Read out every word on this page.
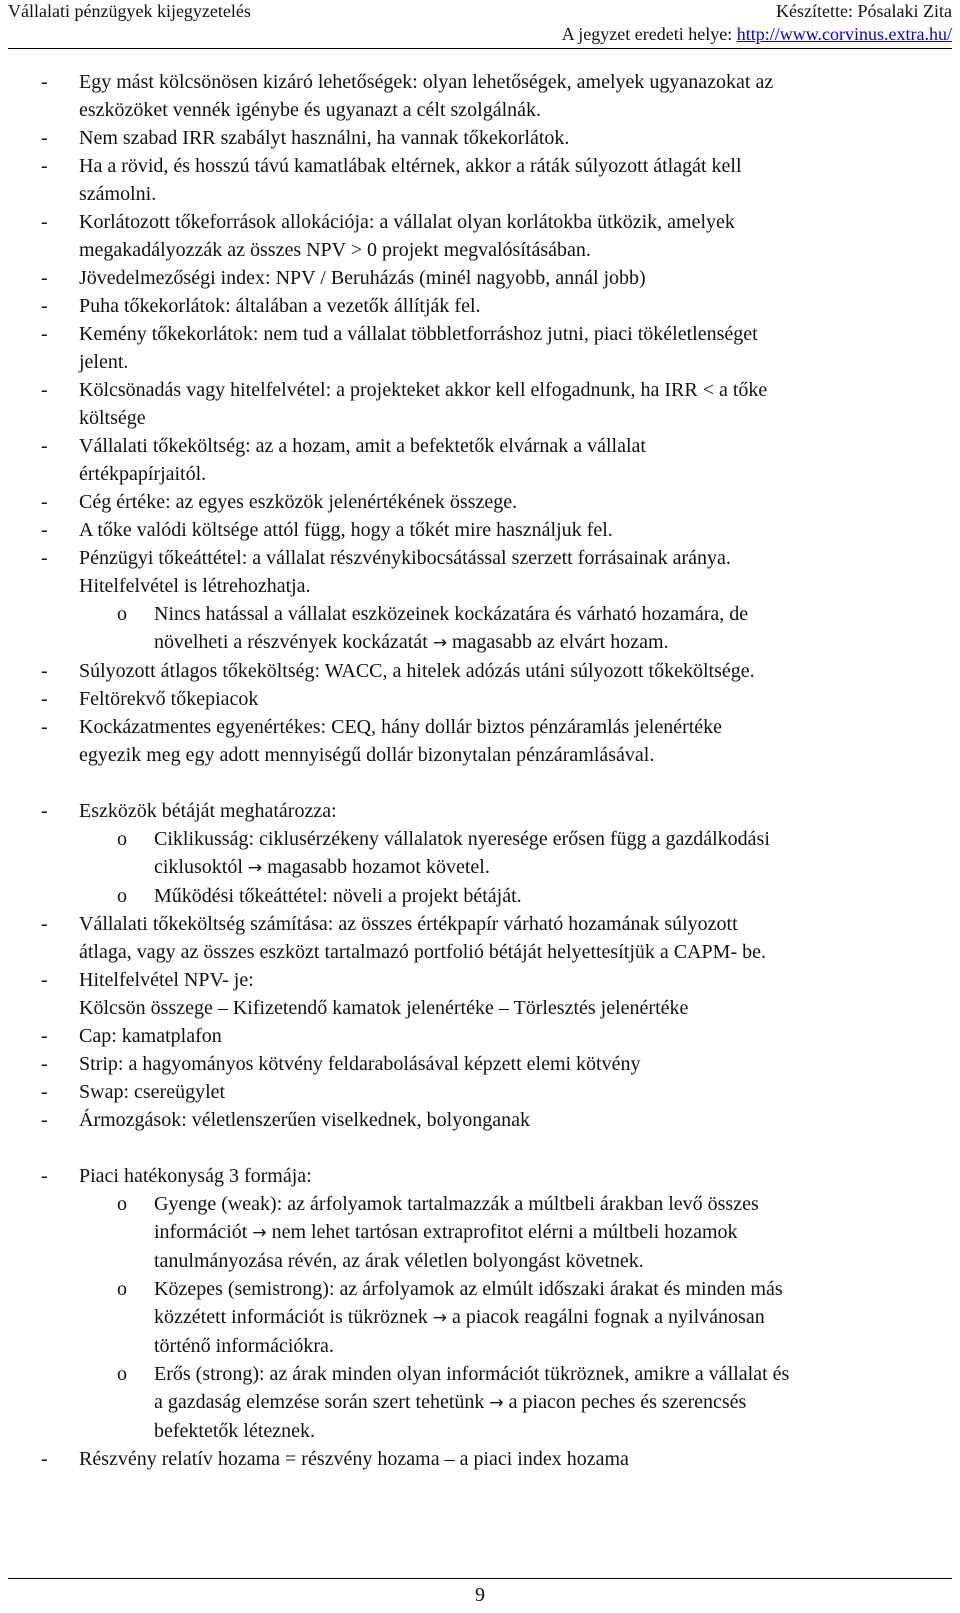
Vállalati pénzügyek kijegyzetelés	Készítette: Pósalaki Zita
A jegyzet eredeti helye: http://www.corvinus.extra.hu/
- Egy mást kölcsönösen kizáró lehetőségek: olyan lehetőségek, amelyek ugyanazokat az
eszközöket vennék igénybe és ugyanazt a célt szolgálnák.
- Nem szabad IRR szabályt használni, ha vannak tőkekorlátok.
- Ha a rövid, és hosszú távú kamatlábak eltérnek, akkor a ráták súlyozott átlagát kell
számolni.
- Korlátozott tőkeforrások allokációja: a vállalat olyan korlátokba ütközik, amelyek
megakadályozzák az összes NPV > 0 projekt megvalósításában.
- Jövedelmezőségi index: NPV / Beruházás (minél nagyobb, annál jobb)
- Puha tőkekorlátok: általában a vezetők állítják fel.
- Kemény tőkekorlátok: nem tud a vállalat többletforráshoz jutni, piaci tökéletlenséget
jelent.
- Kölcsönadás vagy hitelfelvétel: a projekteket akkor kell elfogadnunk, ha IRR < a tőke
költsége
- Vállalati tőkeköltség: az a hozam, amit a befektetők elvárnak a vállalat
értékpapírjaitól.
- Cég értéke: az egyes eszközök jelenértékének összege.
- A tőke valódi költsége attól függ, hogy a tőkét mire használjuk fel.
- Pénzügyi tőkeáttétel: a vállalat részvénykibocsátással szerzett forrásainak aránya.
Hitelfelvétel is létrehozhatja.
o Nincs hatással a vállalat eszközeinek kockázatára és várható hozamára, de
növelheti a részvények kockázatát → magasabb az elvárt hozam.
- Súlyozott átlagos tőkeköltség: WACC, a hitelek adózás utáni súlyozott tőkeköltsége.
- Feltörekvő tőkepiacok
- Kockázatmentes egyenértékes: CEQ, hány dollár biztos pénzáramlás jelenértéke
egyezik meg egy adott mennyiségű dollár bizonytalan pénzáramlásával.
- Eszközök bétáját meghatározza:
o Ciklikusság: ciklusérzékeny vállalatok nyeresége erősen függ a gazdálkodási
ciklusoktól → magasabb hozamot követel.
o Működési tőkeáttétel: növeli a projekt bétáját.
- Vállalati tőkeköltség számítása: az összes értékpapír várható hozamának súlyozott
átlaga, vagy az összes eszközt tartalmazó portfolió bétáját helyettesítjük a CAPM- be.
- Hitelfelvétel NPV- je:
Kölcsön összege – Kifizetendő kamatok jelenértéke – Törlesztés jelenértéke
- Cap: kamatplafon
- Strip: a hagyományos kötvény feldarabolásával képzett elemi kötvény
- Swap: csereügylet
- Ármozgások: véletlenszerűen viselkednek, bolyonganak
- Piaci hatékonyság 3 formája:
o Gyenge (weak): az árfolyamok tartalmazzák a múltbeli árakban levő összes
információt → nem lehet tartósan extraprofitot elérni a múltbeli hozamok
tanulmányozása révén, az árak véletlen bolyongást követnek.
o Közepes (semistrong): az árfolyamok az elmúlt időszaki árakat és minden más
közzétett információt is tükröznek → a piacok reagálni fognak a nyilvánosan
történő információkra.
o Erős (strong): az árak minden olyan információt tükröznek, amikre a vállalat és
a gazdaság elemzése során szert tehetünk → a piacon peches és szerencsés
befektetők léteznek.
- Részvény relatív hozama = részvény hozama – a piaci index hozama
9
